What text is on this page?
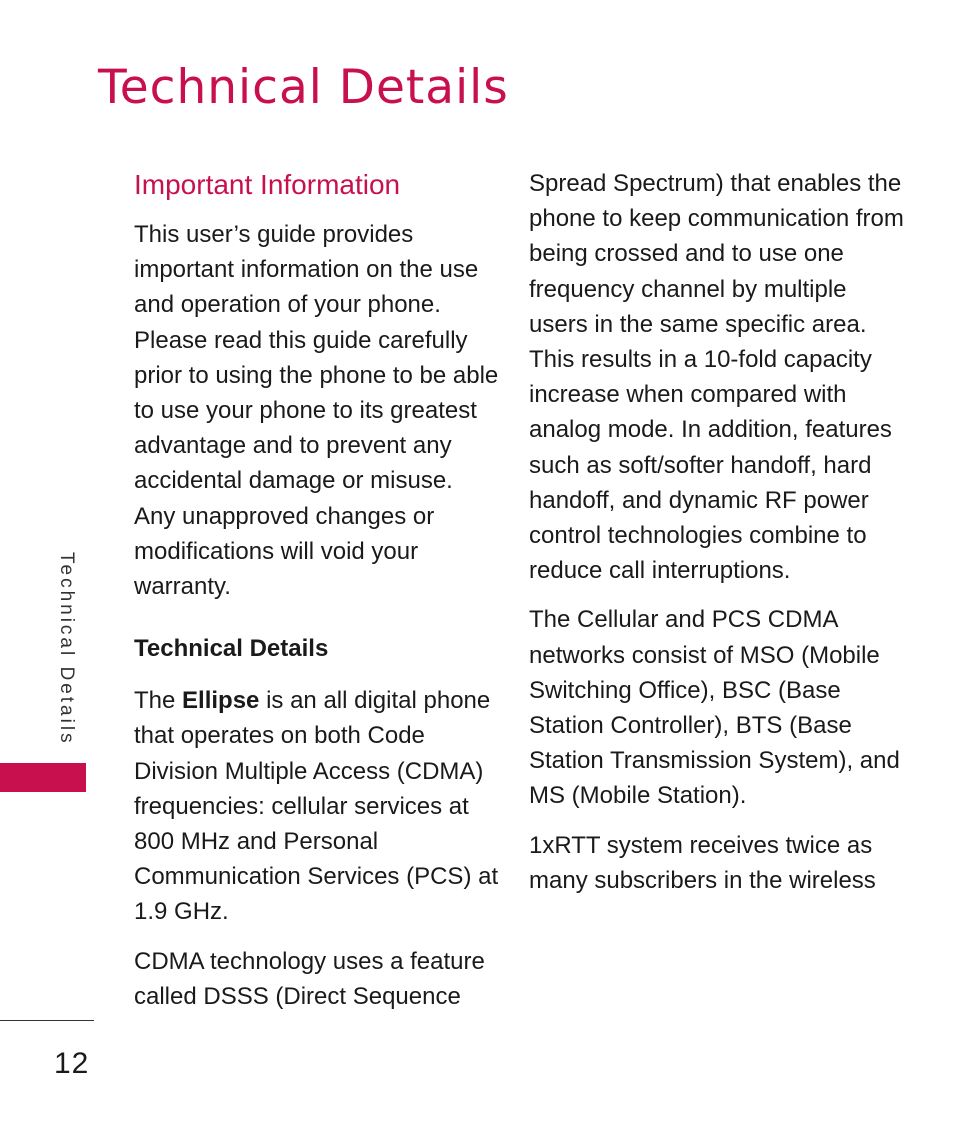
Technical Details
Important Information

This user’s guide provides important information on the use and operation of your phone. Please read this guide carefully prior to using the phone to be able to use your phone to its greatest advantage and to prevent any accidental damage or misuse. Any unapproved changes or modifications will void your warranty.

Technical Details

The Ellipse is an all digital phone that operates on both Code Division Multiple Access (CDMA) frequencies: cellular services at 800 MHz and Personal Communication Services (PCS) at 1.9 GHz.

CDMA technology uses a feature called DSSS (Direct Sequence

Spread Spectrum) that enables the phone to keep communication from being crossed and to use one frequency channel by multiple users in the same specific area. This results in a 10-fold capacity increase when compared with analog mode. In addition, features such as soft/softer handoff, hard handoff, and dynamic RF power control technologies combine to reduce call interruptions.

The Cellular and PCS CDMA networks consist of MSO (Mobile Switching Office), BSC (Base Station Controller), BTS (Base Station Transmission System), and MS (Mobile Station).

1xRTT system receives twice as many subscribers in the wireless

Technical Details
12
